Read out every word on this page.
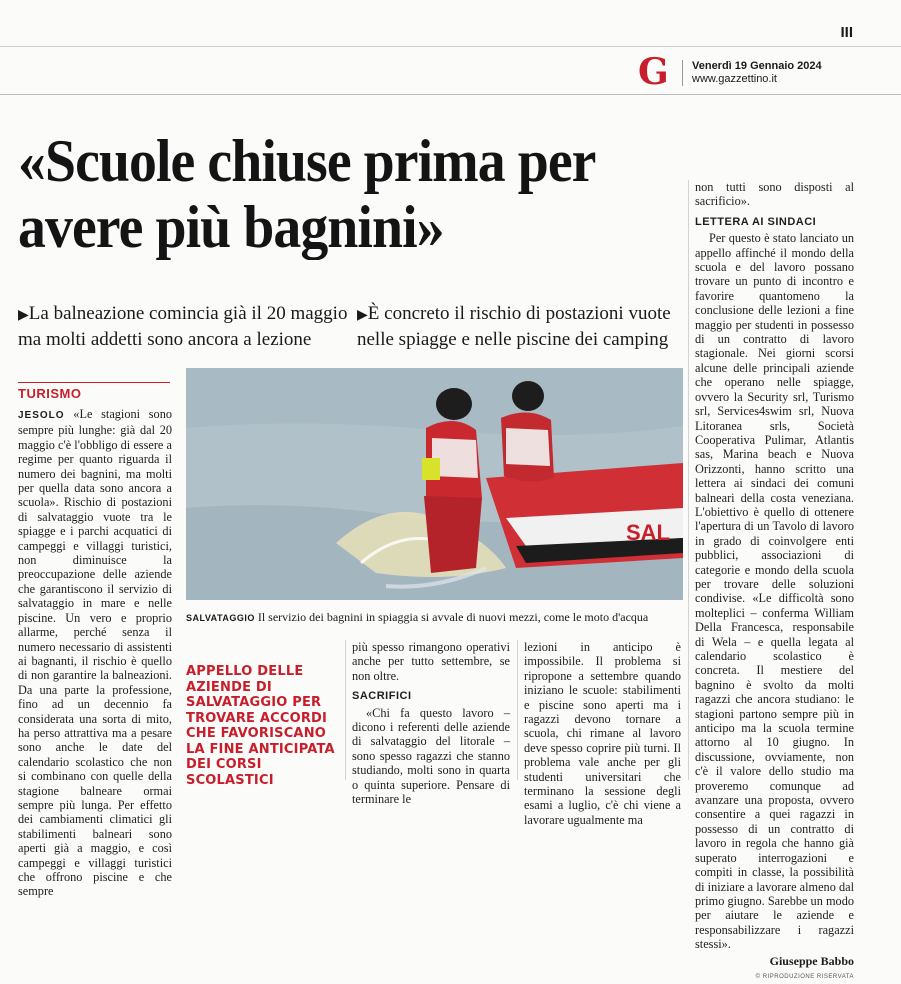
III
G Venerdì 19 Gennaio 2024
www.gazzettino.it
«Scuole chiuse prima per avere più bagnini»
▶La balneazione comincia già il 20 maggio ma molti addetti sono ancora a lezione
▶È concreto il rischio di postazioni vuote nelle spiagge e nelle piscine dei camping
TURISMO
JESOLO «Le stagioni sono sempre più lunghe: già dal 20 maggio c'è l'obbligo di essere a regime per quanto riguarda il numero dei bagnini, ma molti per quella data sono ancora a scuola». Rischio di postazioni di salvataggio vuote tra le spiagge e i parchi acquatici di campeggi e villaggi turistici, non diminuisce la preoccupazione delle aziende che garantiscono il servizio di salvataggio in mare e nelle piscine. Un vero e proprio allarme, perché senza il numero necessario di assistenti ai bagnanti, il rischio è quello di non garantire la balneazioni. Da una parte la professione, fino ad un decennio fa considerata una sorta di mito, ha perso attrattiva ma a pesare sono anche le date del calendario scolastico che non si combinano con quelle della stagione balneare ormai sempre più lunga. Per effetto dei cambiamenti climatici gli stabilimenti balneari sono aperti già a maggio, e così campeggi e villaggi turistici che offrono piscine e che sempre
SAL
SALVATAGGIO Il servizio dei bagnini in spiaggia si avvale di nuovi mezzi, come le moto d'acqua
APPELLO DELLE AZIENDE DI SALVATAGGIO PER TROVARE ACCORDI CHE FAVORISCANO LA FINE ANTICIPATA DEI CORSI SCOLASTICI
più spesso rimangono operativi anche per tutto settembre, se non oltre.
SACRIFICI
«Chi fa questo lavoro – dicono i referenti delle aziende di salvataggio del litorale – sono spesso ragazzi che stanno studiando, molti sono in quarta o quinta superiore. Pensare di terminare le
lezioni in anticipo è impossibile. Il problema si ripropone a settembre quando iniziano le scuole: stabilimenti e piscine sono aperti ma i ragazzi devono tornare a scuola, chi rimane al lavoro deve spesso coprire più turni. Il problema vale anche per gli studenti universitari che terminano la sessione degli esami a luglio, c'è chi viene a lavorare ugualmente ma
non tutti sono disposti al sacrificio».
LETTERA AI SINDACI
Per questo è stato lanciato un appello affinché il mondo della scuola e del lavoro possano trovare un punto di incontro e favorire quantomeno la conclusione delle lezioni a fine maggio per studenti in possesso di un contratto di lavoro stagionale. Nei giorni scorsi alcune delle principali aziende che operano nelle spiagge, ovvero la Security srl, Turismo srl, Services4swim srl, Nuova Litoranea srls, Società Cooperativa Pulimar, Atlantis sas, Marina beach e Nuova Orizzonti, hanno scritto una lettera ai sindaci dei comuni balneari della costa veneziana. L'obiettivo è quello di ottenere l'apertura di un Tavolo di lavoro in grado di coinvolgere enti pubblici, associazioni di categorie e mondo della scuola per trovare delle soluzioni condivise. «Le difficoltà sono molteplici – conferma William Della Francesca, responsabile di Wela – e quella legata al calendario scolastico è concreta. Il mestiere del bagnino è svolto da molti ragazzi che ancora studiano: le stagioni partono sempre più in anticipo ma la scuola termine attorno al 10 giugno. In discussione, ovviamente, non c'è il valore dello studio ma proveremo comunque ad avanzare una proposta, ovvero consentire a quei ragazzi in possesso di un contratto di lavoro in regola che hanno già superato interrogazioni e compiti in classe, la possibilità di iniziare a lavorare almeno dal primo giugno. Sarebbe un modo per aiutare le aziende e responsabilizzare i ragazzi stessi».
Giuseppe Babbo
© RIPRODUZIONE RISERVATA
